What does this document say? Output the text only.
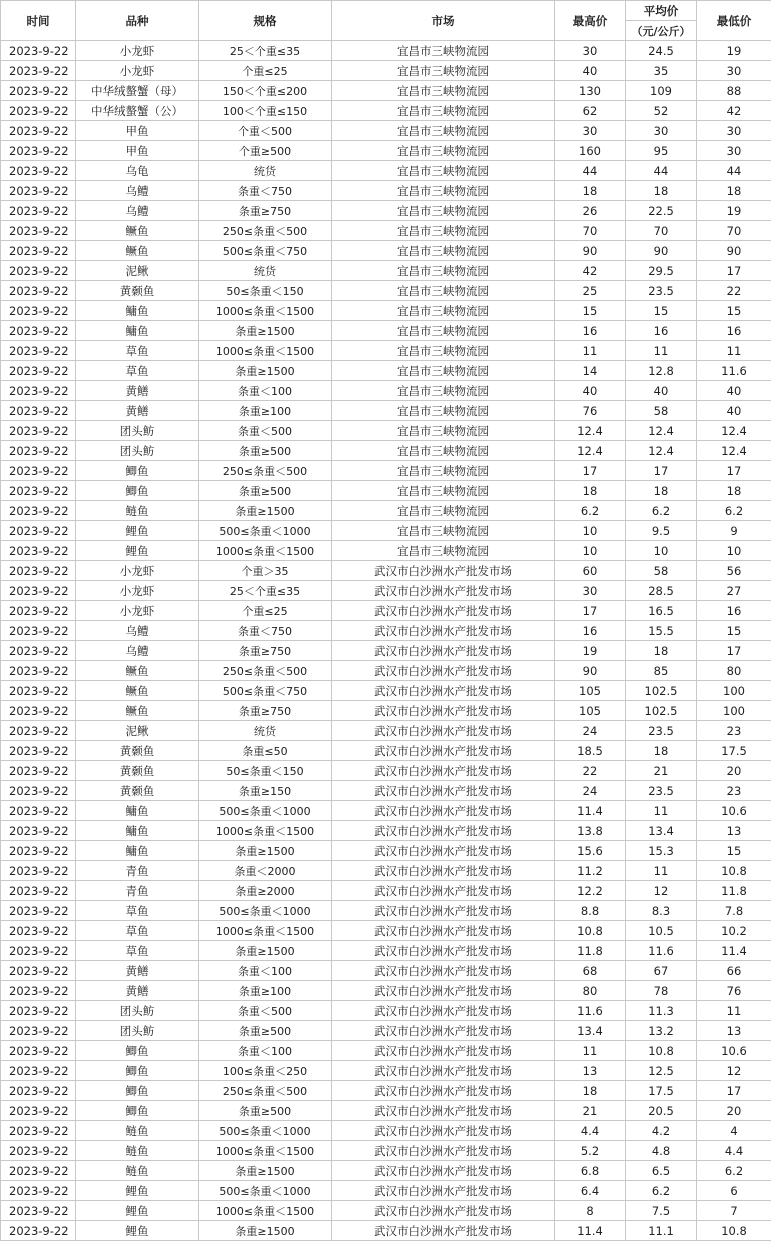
时间	品种	规格	市场	最高价	平均价	最低价
					（元/公斤）	
2023-9-22	小龙虾	25＜个重≤35	宜昌市三峡物流园	30	24.5	19
2023-9-22	小龙虾	个重≤25	宜昌市三峡物流园	40	35	30
2023-9-22	中华绒螯蟹（母）	150＜个重≤200	宜昌市三峡物流园	130	109	88
2023-9-22	中华绒螯蟹（公）	100＜个重≤150	宜昌市三峡物流园	62	52	42
2023-9-22	甲鱼	个重＜500	宜昌市三峡物流园	30	30	30
2023-9-22	甲鱼	个重≥500	宜昌市三峡物流园	160	95	30
2023-9-22	乌龟	统货	宜昌市三峡物流园	44	44	44
2023-9-22	乌鳢	条重＜750	宜昌市三峡物流园	18	18	18
2023-9-22	乌鳢	条重≥750	宜昌市三峡物流园	26	22.5	19
2023-9-22	鳜鱼	250≤条重＜500	宜昌市三峡物流园	70	70	70
2023-9-22	鳜鱼	500≤条重＜750	宜昌市三峡物流园	90	90	90
2023-9-22	泥鳅	统货	宜昌市三峡物流园	42	29.5	17
2023-9-22	黄颡鱼	50≤条重＜150	宜昌市三峡物流园	25	23.5	22
2023-9-22	鳙鱼	1000≤条重＜1500	宜昌市三峡物流园	15	15	15
2023-9-22	鳙鱼	条重≥1500	宜昌市三峡物流园	16	16	16
2023-9-22	草鱼	1000≤条重＜1500	宜昌市三峡物流园	11	11	11
2023-9-22	草鱼	条重≥1500	宜昌市三峡物流园	14	12.8	11.6
2023-9-22	黄鳝	条重＜100	宜昌市三峡物流园	40	40	40
2023-9-22	黄鳝	条重≥100	宜昌市三峡物流园	76	58	40
2023-9-22	团头鲂	条重＜500	宜昌市三峡物流园	12.4	12.4	12.4
2023-9-22	团头鲂	条重≥500	宜昌市三峡物流园	12.4	12.4	12.4
2023-9-22	鲫鱼	250≤条重＜500	宜昌市三峡物流园	17	17	17
2023-9-22	鲫鱼	条重≥500	宜昌市三峡物流园	18	18	18
2023-9-22	鲢鱼	条重≥1500	宜昌市三峡物流园	6.2	6.2	6.2
2023-9-22	鲤鱼	500≤条重＜1000	宜昌市三峡物流园	10	9.5	9
2023-9-22	鲤鱼	1000≤条重＜1500	宜昌市三峡物流园	10	10	10
2023-9-22	小龙虾	个重＞35	武汉市白沙洲水产批发市场	60	58	56
2023-9-22	小龙虾	25＜个重≤35	武汉市白沙洲水产批发市场	30	28.5	27
2023-9-22	小龙虾	个重≤25	武汉市白沙洲水产批发市场	17	16.5	16
2023-9-22	乌鳢	条重＜750	武汉市白沙洲水产批发市场	16	15.5	15
2023-9-22	乌鳢	条重≥750	武汉市白沙洲水产批发市场	19	18	17
2023-9-22	鳜鱼	250≤条重＜500	武汉市白沙洲水产批发市场	90	85	80
2023-9-22	鳜鱼	500≤条重＜750	武汉市白沙洲水产批发市场	105	102.5	100
2023-9-22	鳜鱼	条重≥750	武汉市白沙洲水产批发市场	105	102.5	100
2023-9-22	泥鳅	统货	武汉市白沙洲水产批发市场	24	23.5	23
2023-9-22	黄颡鱼	条重≤50	武汉市白沙洲水产批发市场	18.5	18	17.5
2023-9-22	黄颡鱼	50≤条重＜150	武汉市白沙洲水产批发市场	22	21	20
2023-9-22	黄颡鱼	条重≥150	武汉市白沙洲水产批发市场	24	23.5	23
2023-9-22	鳙鱼	500≤条重＜1000	武汉市白沙洲水产批发市场	11.4	11	10.6
2023-9-22	鳙鱼	1000≤条重＜1500	武汉市白沙洲水产批发市场	13.8	13.4	13
2023-9-22	鳙鱼	条重≥1500	武汉市白沙洲水产批发市场	15.6	15.3	15
2023-9-22	青鱼	条重＜2000	武汉市白沙洲水产批发市场	11.2	11	10.8
2023-9-22	青鱼	条重≥2000	武汉市白沙洲水产批发市场	12.2	12	11.8
2023-9-22	草鱼	500≤条重＜1000	武汉市白沙洲水产批发市场	8.8	8.3	7.8
2023-9-22	草鱼	1000≤条重＜1500	武汉市白沙洲水产批发市场	10.8	10.5	10.2
2023-9-22	草鱼	条重≥1500	武汉市白沙洲水产批发市场	11.8	11.6	11.4
2023-9-22	黄鳝	条重＜100	武汉市白沙洲水产批发市场	68	67	66
2023-9-22	黄鳝	条重≥100	武汉市白沙洲水产批发市场	80	78	76
2023-9-22	团头鲂	条重＜500	武汉市白沙洲水产批发市场	11.6	11.3	11
2023-9-22	团头鲂	条重≥500	武汉市白沙洲水产批发市场	13.4	13.2	13
2023-9-22	鲫鱼	条重＜100	武汉市白沙洲水产批发市场	11	10.8	10.6
2023-9-22	鲫鱼	100≤条重＜250	武汉市白沙洲水产批发市场	13	12.5	12
2023-9-22	鲫鱼	250≤条重＜500	武汉市白沙洲水产批发市场	18	17.5	17
2023-9-22	鲫鱼	条重≥500	武汉市白沙洲水产批发市场	21	20.5	20
2023-9-22	鲢鱼	500≤条重＜1000	武汉市白沙洲水产批发市场	4.4	4.2	4
2023-9-22	鲢鱼	1000≤条重＜1500	武汉市白沙洲水产批发市场	5.2	4.8	4.4
2023-9-22	鲢鱼	条重≥1500	武汉市白沙洲水产批发市场	6.8	6.5	6.2
2023-9-22	鲤鱼	500≤条重＜1000	武汉市白沙洲水产批发市场	6.4	6.2	6
2023-9-22	鲤鱼	1000≤条重＜1500	武汉市白沙洲水产批发市场	8	7.5	7
2023-9-22	鲤鱼	条重≥1500	武汉市白沙洲水产批发市场	11.4	11.1	10.8
